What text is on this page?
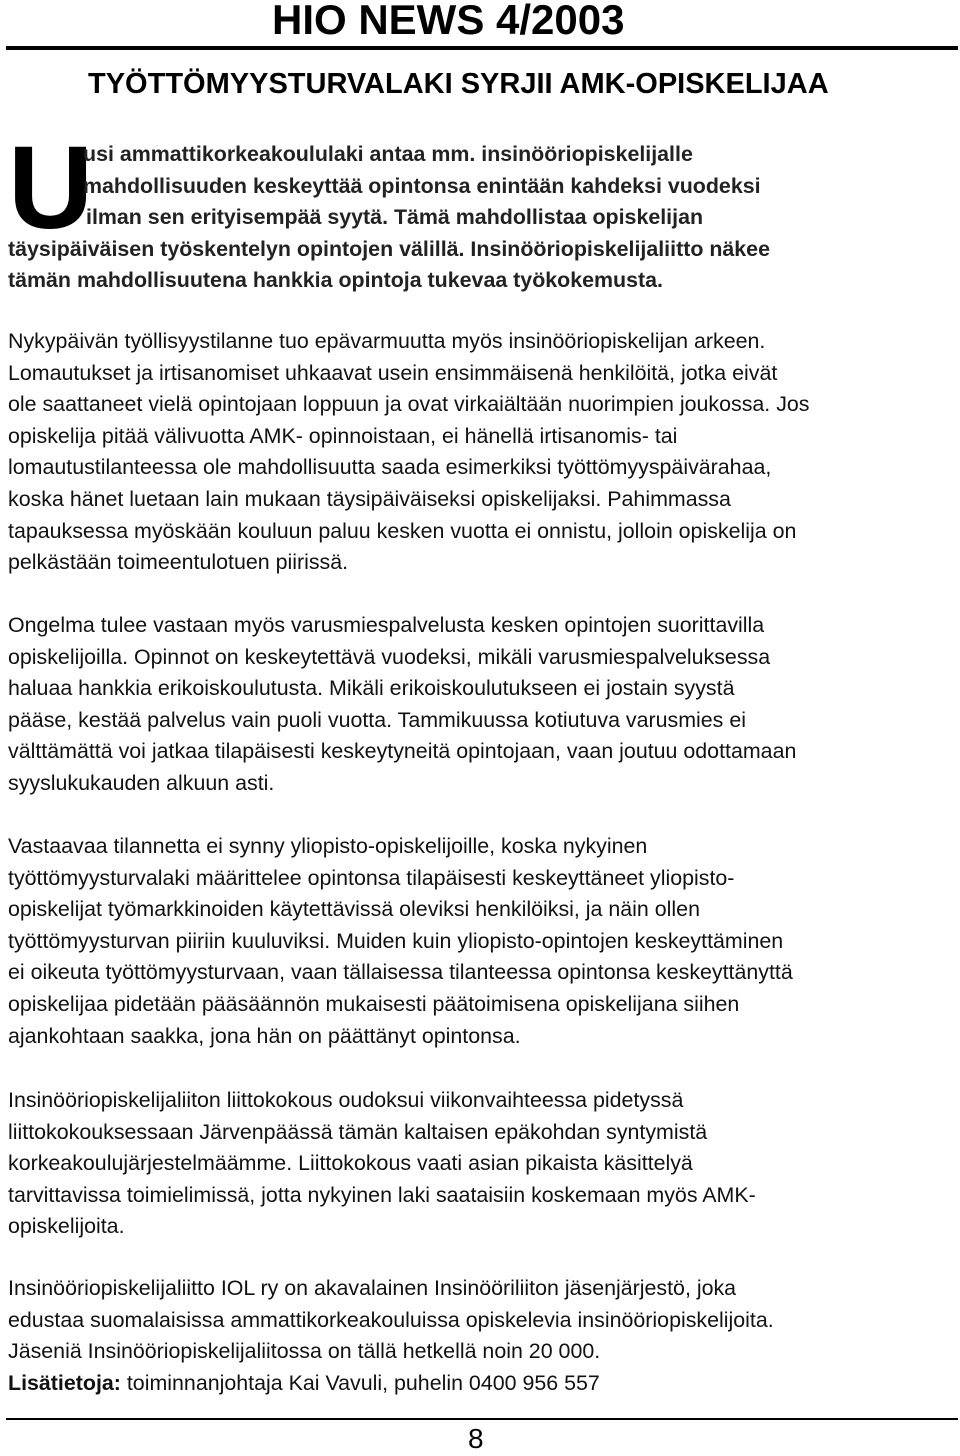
HIO NEWS 4/2003
TYÖTTÖMYYSTURVALAKI SYRJII AMK-OPISKELIJAA
U
usi ammattikorkeakoululaki antaa mm. insinööriopiskelijalle
mahdollisuuden keskeyttää opintonsa enintään kahdeksi vuodeksi
ilman sen erityisempää syytä. Tämä mahdollistaa opiskelijan
täysipäiväisen työskentelyn opintojen välillä. Insinööriopiskelijaliitto näkee
tämän mahdollisuutena hankkia opintoja tukevaa työkokemusta.
Nykypäivän työllisyystilanne tuo epävarmuutta myös insinööriopiskelijan arkeen.
Lomautukset ja irtisanomiset uhkaavat usein ensimmäisenä henkilöitä, jotka eivät
ole saattaneet vielä opintojaan loppuun ja ovat virkaiältään nuorimpien joukossa. Jos
opiskelija pitää välivuotta AMK- opinnoistaan, ei hänellä irtisanomis- tai
lomautustilanteessa ole mahdollisuutta saada esimerkiksi työttömyyspäivärahaa,
koska hänet luetaan lain mukaan täysipäiväiseksi opiskelijaksi. Pahimmassa
tapauksessa myöskään kouluun paluu kesken vuotta ei onnistu, jolloin opiskelija on
pelkästään toimeentulotuen piirissä.
Ongelma tulee vastaan myös varusmiespalvelusta kesken opintojen suorittavilla
opiskelijoilla. Opinnot on keskeytettävä vuodeksi, mikäli varusmiespalveluksessa
haluaa hankkia erikoiskoulutusta. Mikäli erikoiskoulutukseen ei jostain syystä
pääse, kestää palvelus vain puoli vuotta. Tammikuussa kotiutuva varusmies ei
välttämättä voi jatkaa tilapäisesti keskeytyneitä opintojaan, vaan joutuu odottamaan
syyslukukauden alkuun asti.
Vastaavaa tilannetta ei synny yliopisto-opiskelijoille, koska nykyinen
työttömyysturvalaki määrittelee opintonsa tilapäisesti keskeyttäneet yliopisto-
opiskelijat työmarkkinoiden käytettävissä oleviksi henkilöiksi, ja näin ollen
työttömyysturvan piiriin kuuluviksi. Muiden kuin yliopisto-opintojen keskeyttäminen
ei oikeuta työttömyysturvaan, vaan tällaisessa tilanteessa opintonsa keskeyttänyttä
opiskelijaa pidetään pääsäännön mukaisesti päätoimisena opiskelijana siihen
ajankohtaan saakka, jona hän on päättänyt opintonsa.
Insinööriopiskelijaliiton liittokokous oudoksui viikonvaihteessa pidetyssä
liittokokouksessaan Järvenpäässä tämän kaltaisen epäkohdan syntymistä
korkeakoulujärjestelmäämme. Liittokokous vaati asian pikaista käsittelyä
tarvittavissa toimielimissä, jotta nykyinen laki saataisiin koskemaan myös AMK-
opiskelijoita.
Insinööriopiskelijaliitto IOL ry on akavalainen Insinööriliiton jäsenjärjestö, joka
edustaa suomalaisissa ammattikorkeakouluissa opiskelevia insinööriopiskelijoita.
Jäseniä Insinööriopiskelijaliitossa on tällä hetkellä noin 20 000.
Lisätietoja: toiminnanjohtaja Kai Vavuli, puhelin 0400 956 557
8
